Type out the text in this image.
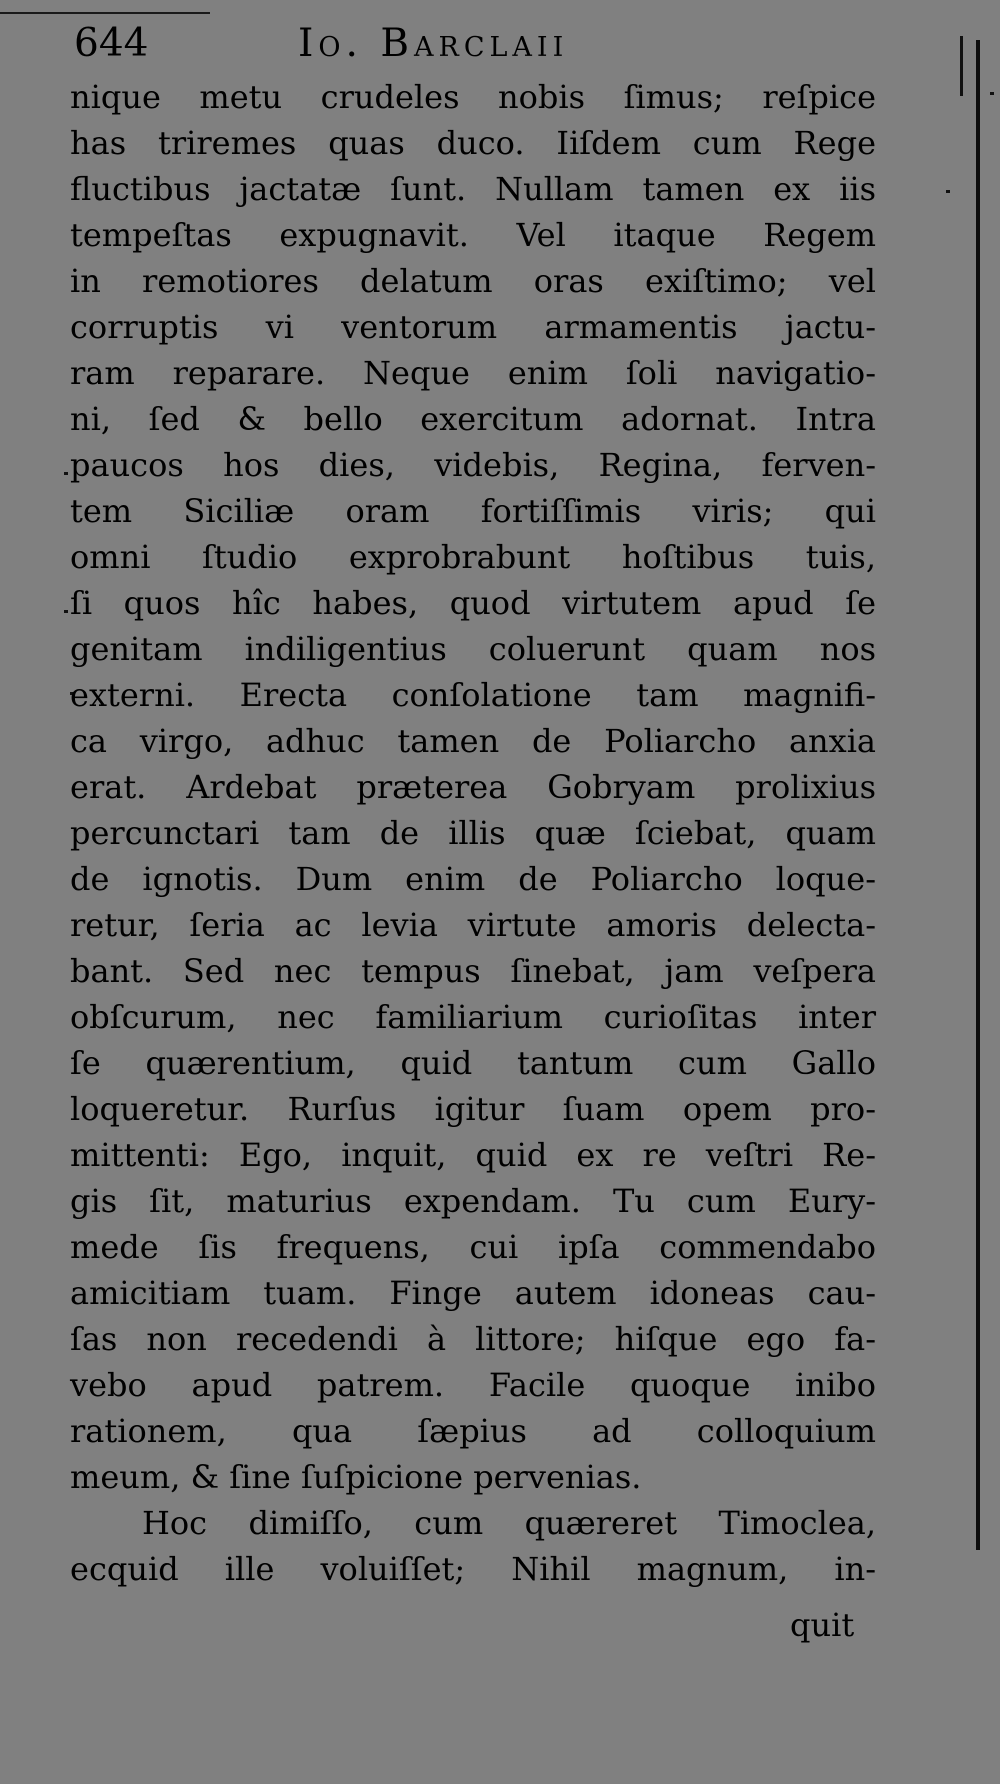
644	Io. Barclaii
nique metu crudeles nobis ſimus; reſpice
has triremes quas duco. Iiſdem cum Rege
fluctibus jactatæ ſunt. Nullam tamen ex iis
tempeſtas expugnavit. Vel itaque Regem
in remotiores delatum oras exiſtimo; vel
corruptis vi ventorum armamentis jactu-
ram reparare. Neque enim ſoli navigatio-
ni, ſed & bello exercitum adornat. Intra
paucos hos dies, videbis, Regina, ferven-
tem Siciliæ oram fortiſſimis viris; qui
omni ſtudio exprobrabunt hoſtibus tuis,
ſi quos hîc habes, quod virtutem apud ſe
genitam indiligentius coluerunt quam nos
externi. Erecta conſolatione tam magnifi-
ca virgo, adhuc tamen de Poliarcho anxia
erat. Ardebat præterea Gobryam prolixius
percunctari tam de illis quæ ſciebat, quam
de ignotis. Dum enim de Poliarcho loque-
retur, ſeria ac levia virtute amoris delecta-
bant. Sed nec tempus ſinebat, jam veſpera
obſcurum, nec familiarium curioſitas inter
ſe quærentium, quid tantum cum Gallo
loqueretur. Rurſus igitur ſuam opem pro-
mittenti: Ego, inquit, quid ex re veſtri Re-
gis ſit, maturius expendam. Tu cum Eury-
mede ſis frequens, cui ipſa commendabo
amicitiam tuam. Finge autem idoneas cau-
ſas non recedendi à littore; hiſque ego fa-
vebo apud patrem. Facile quoque inibo
rationem, qua ſæpius ad colloquium
meum, & ſine ſuſpicione pervenias.
Hoc dimiſſo, cum quæreret Timoclea,
ecquid ille voluiſſet; Nihil magnum, in-
quit
